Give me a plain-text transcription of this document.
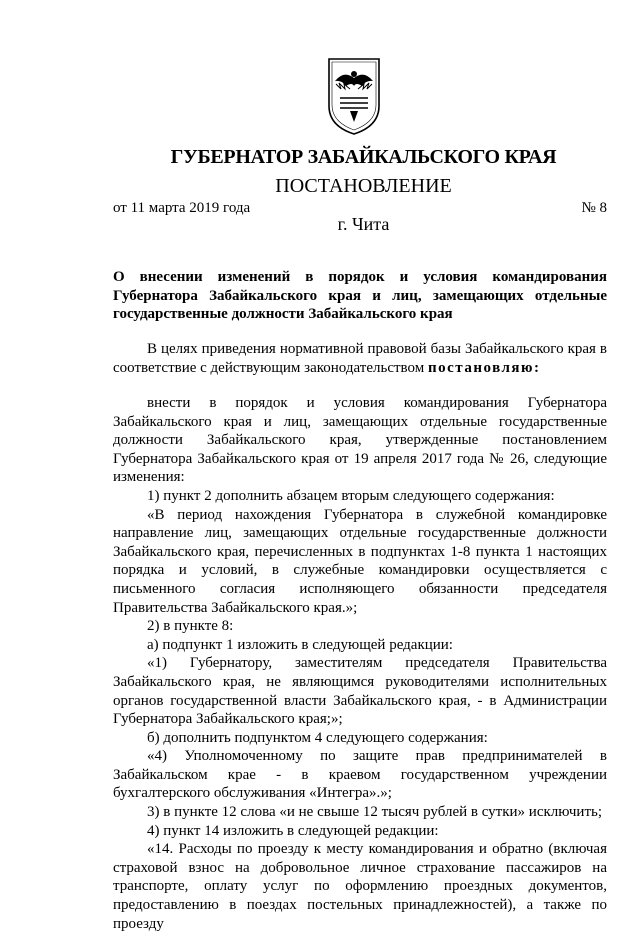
ГУБЕРНАТОР ЗАБАЙКАЛЬСКОГО КРАЯ
ПОСТАНОВЛЕНИЕ
от 11 марта 2019 года	№ 8
г. Чита
О внесении изменений в порядок и условия командирования Губернатора Забайкальского края и лиц, замещающих отдельные государственные должности Забайкальского края
В целях приведения нормативной правовой базы Забайкальского края в соответствие с действующим законодательством постановляю:

внести в порядок и условия командирования Губернатора Забайкальского края и лиц, замещающих отдельные государственные должности Забайкальского края, утвержденные постановлением Губернатора Забайкальского края от 19 апреля 2017 года № 26, следующие изменения:

1) пункт 2 дополнить абзацем вторым следующего содержания:

«В период нахождения Губернатора в служебной командировке направление лиц, замещающих отдельные государственные должности Забайкальского края, перечисленных в подпунктах 1-8 пункта 1 настоящих порядка и условий, в служебные командировки осуществляется с письменного согласия исполняющего обязанности председателя Правительства Забайкальского края.»;

2) в пункте 8:

а) подпункт 1 изложить в следующей редакции:

«1) Губернатору, заместителям председателя Правительства Забайкальского края, не являющимся руководителями исполнительных органов государственной власти Забайкальского края, - в Администрации Губернатора Забайкальского края;»;

б) дополнить подпунктом 4 следующего содержания:

«4) Уполномоченному по защите прав предпринимателей в Забайкальском крае - в краевом государственном учреждении бухгалтерского обслуживания «Интегра».»;

3) в пункте 12 слова «и не свыше 12 тысяч рублей в сутки» исключить;

4) пункт 14 изложить в следующей редакции:

«14. Расходы по проезду к месту командирования и обратно (включая страховой взнос на добровольное личное страхование пассажиров на транспорте, оплату услуг по оформлению проездных документов, предоставлению в поездах постельных принадлежностей), а также по проезду
